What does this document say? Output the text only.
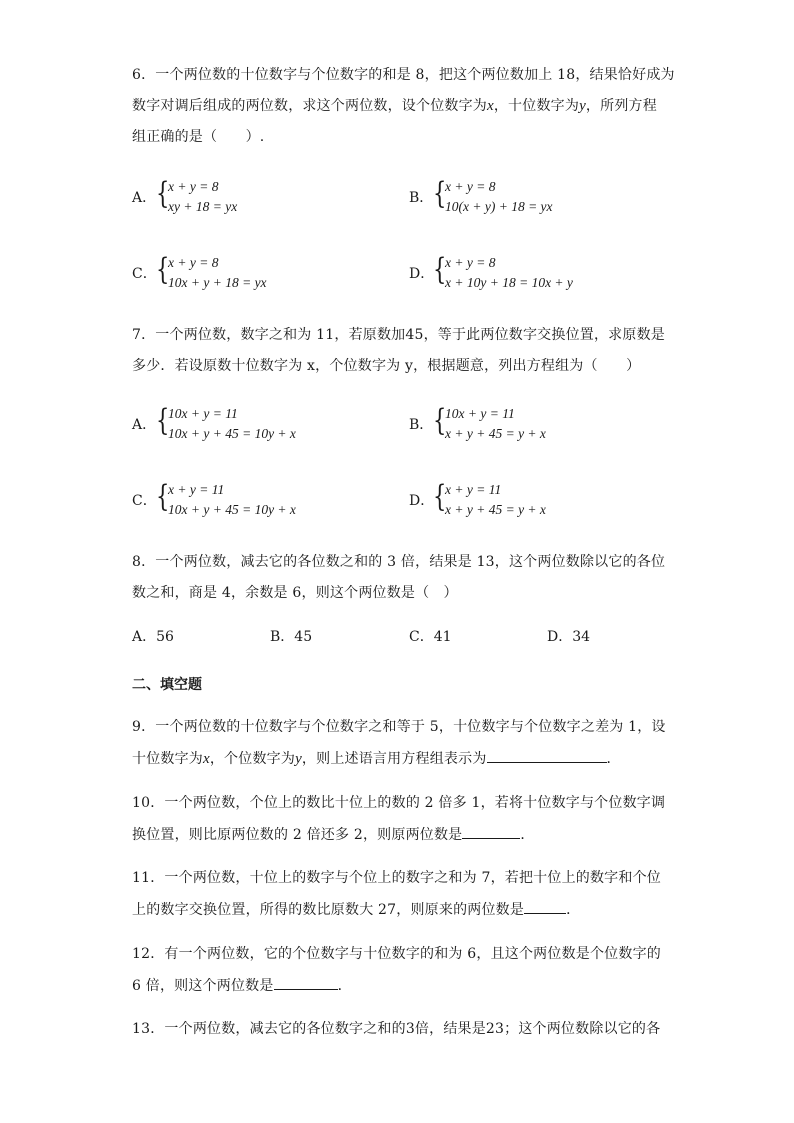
6．一个两位数的十位数字与个位数字的和是 8，把这个两位数加上 18，结果恰好成为
数字对调后组成的两位数，求这个两位数，设个位数字为x，十位数字为y，所列方程
组正确的是（　　）.
A． {
x + y = 8
xy + 18 = yx
B． {
x + y = 8
10(x + y) + 18 = yx
C． {
x + y = 8
10x + y + 18 = yx
D．
{
x + y = 8
x + 10y + 18 = 10x + y
7．一个两位数，数字之和为 11，若原数加45，等于此两位数字交换位置，求原数是
多少．若设原数十位数字为 x，个位数字为 y，根据题意，列出方程组为（　　）
A． {
10x + y = 11
10x + y + 45 = 10y + x
B． {
10x + y = 11
x + y + 45 = y + x
C． {
x + y = 11
10x + y + 45 = 10y + x
D．
{
x + y = 11
x + y + 45 = y + x
8．一个两位数，减去它的各位数之和的 3 倍，结果是 13，这个两位数除以它的各位
数之和，商是 4，余数是 6，则这个两位数是（　）
A．56	B．45	C．41	D．34
二、填空题
9．一个两位数的十位数字与个位数字之和等于 5，十位数字与个位数字之差为 1，设
十位数字为x，个位数字为y，则上述语言用方程组表示为	．
10．一个两位数，个位上的数比十位上的数的 2 倍多 1，若将十位数字与个位数字调
换位置，则比原两位数的 2 倍还多 2，则原两位数是	．
11．一个两位数，十位上的数字与个位上的数字之和为 7，若把十位上的数字和个位
上的数字交换位置，所得的数比原数大 27，则原来的两位数是	．
12．有一个两位数，它的个位数字与十位数字的和为 6，且这个两位数是个位数字的
6 倍，则这个两位数是	．
13．一个两位数，减去它的各位数字之和的3倍，结果是23；这个两位数除以它的各
